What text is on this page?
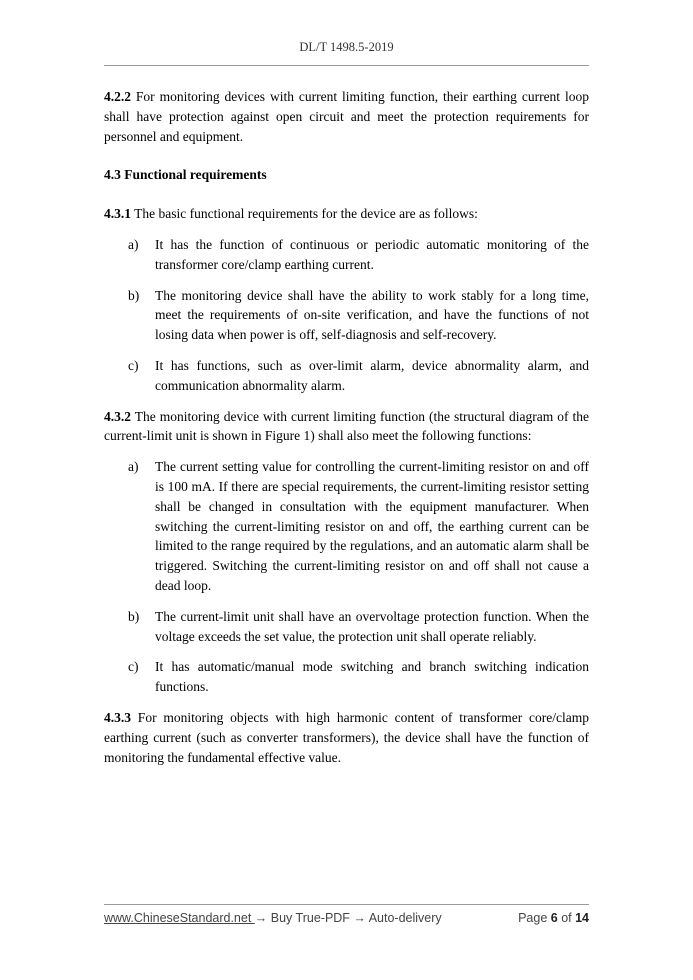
DL/T 1498.5-2019

4.2.2 For monitoring devices with current limiting function, their earthing current loop shall have protection against open circuit and meet the protection requirements for personnel and equipment.

4.3 Functional requirements

4.3.1 The basic functional requirements for the device are as follows:

a) It has the function of continuous or periodic automatic monitoring of the transformer core/clamp earthing current.
b) The monitoring device shall have the ability to work stably for a long time, meet the requirements of on-site verification, and have the functions of not losing data when power is off, self-diagnosis and self-recovery.
c) It has functions, such as over-limit alarm, device abnormality alarm, and communication abnormality alarm.

4.3.2 The monitoring device with current limiting function (the structural diagram of the current-limit unit is shown in Figure 1) shall also meet the following functions:

a) The current setting value for controlling the current-limiting resistor on and off is 100 mA. If there are special requirements, the current-limiting resistor setting shall be changed in consultation with the equipment manufacturer. When switching the current-limiting resistor on and off, the earthing current can be limited to the range required by the regulations, and an automatic alarm shall be triggered. Switching the current-limiting resistor on and off shall not cause a dead loop.
b) The current-limit unit shall have an overvoltage protection function. When the voltage exceeds the set value, the protection unit shall operate reliably.
c) It has automatic/manual mode switching and branch switching indication functions.

4.3.3 For monitoring objects with high harmonic content of transformer core/clamp earthing current (such as converter transformers), the device shall have the function of monitoring the fundamental effective value.

www.ChineseStandard.net → Buy True-PDF → Auto-delivery	Page 6 of 14
